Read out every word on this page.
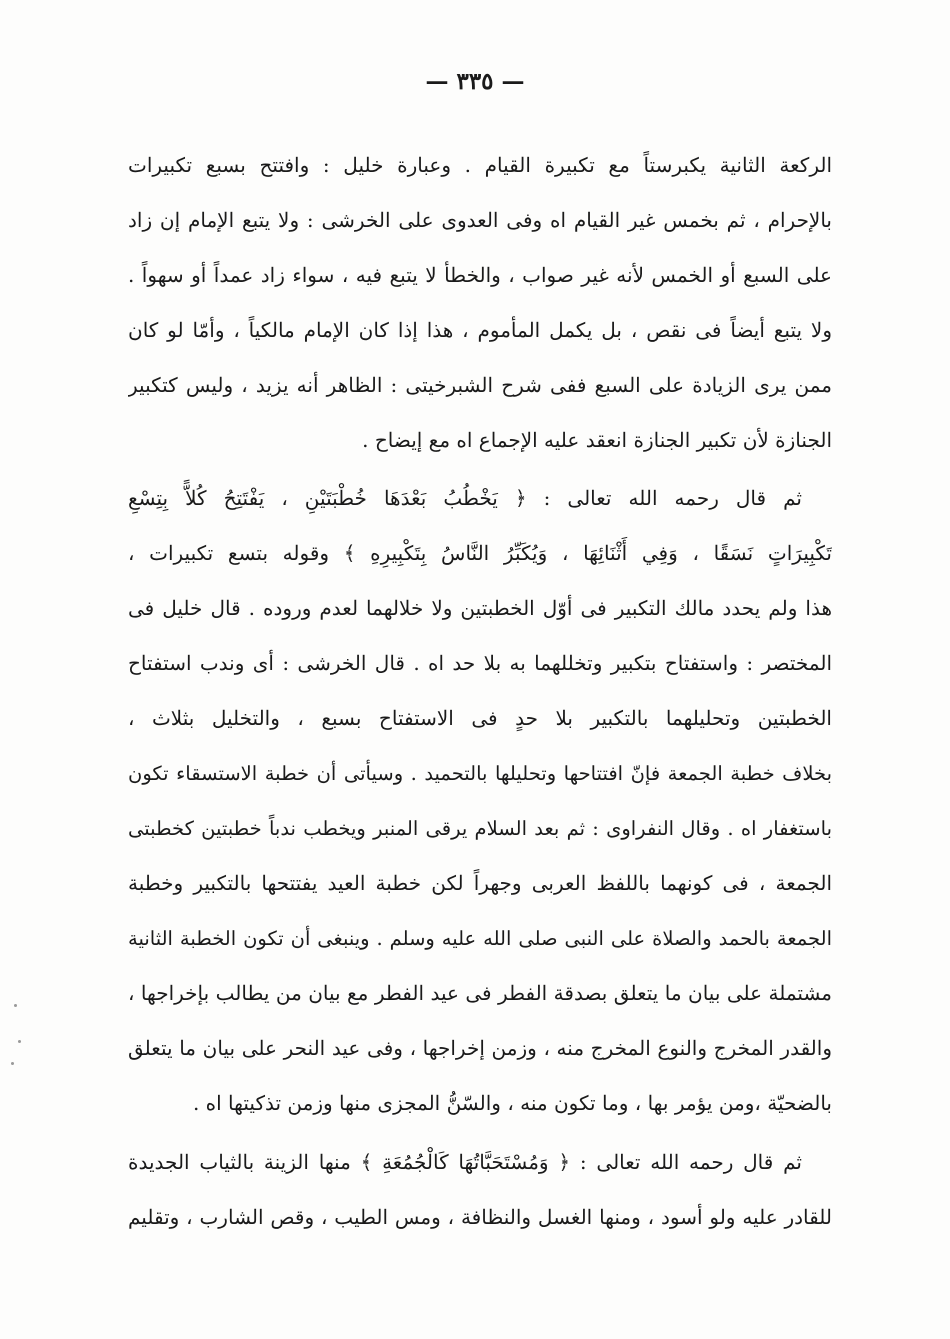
— ٣٣٥ —
الركعة الثانية يكبرستاً مع تكبيرة القيام . وعبارة خليل : وافتتح بسبع تكبيرات
بالإحرام ، ثم بخمس غير القيام اه وفى العدوى على الخرشى : ولا يتبع الإمام إن زاد
على السبع أو الخمس لأنه غير صواب ، والخطأ لا يتبع فيه ، سواء زاد عمداً أو سهواً .
ولا يتبع أيضاً فى نقص ، بل يكمل المأموم ، هذا إذا كان الإمام مالكياً ، وأمّا لو كان
ممن يرى الزيادة على السبع ففى شرح الشبرخيتى : الظاهر أنه يزيد ، وليس كتكبير
الجنازة لأن تكبير الجنازة انعقد عليه الإجماع اه مع إيضاح .
ثم قال رحمه الله تعالى : ﴿ يَخْطُبُ بَعْدَهَا خُطْبَتَيْنِ ، يَفْتَتِحُ كُلاًّ بِتِسْعِ
تَكْبِيرَاتٍ نَسَقًا ، وَفِي أَثْنَائِهَا ، وَيُكَبِّرُ النَّاسُ بِتَكْبِيرِهِ ﴾ وقوله بتسع تكبيرات ،
هذا ولم يحدد مالك التكبير فى أوّل الخطبتين ولا خلالهما لعدم وروده . قال خليل فى
المختصر : واستفتاح بتكبير وتخللهما به بلا حد اه . قال الخرشى : أى وندب استفتاح
الخطبتين وتحليلهما بالتكبير بلا حدٍ فى الاستفتاح بسبع ، والتخليل بثلاث ،
بخلاف خطبة الجمعة فإنّ افتتاحها وتحليلها بالتحميد . وسيأتى أن خطبة الاستسقاء تكون
باستغفار اه . وقال النفراوى : ثم بعد السلام يرقى المنبر ويخطب ندباً خطبتين كخطبتى
الجمعة ، فى كونهما باللفظ العربى وجهراً لكن خطبة العيد يفتتحها بالتكبير وخطبة
الجمعة بالحمد والصلاة على النبى صلى الله عليه وسلم . وينبغى أن تكون الخطبة الثانية
مشتملة على بيان ما يتعلق بصدقة الفطر فى عيد الفطر مع بيان من يطالب بإخراجها ،
والقدر المخرج والنوع المخرج منه ، وزمن إخراجها ، وفى عيد النحر على بيان ما يتعلق
بالضحيّة ،ومن يؤمر بها ، وما تكون منه ، والسّنُّ المجزى منها وزمن تذكيتها اه .
ثم قال رحمه الله تعالى : ﴿ وَمُسْتَحَبَّاتُهَا كَالْجُمُعَةِ ﴾ منها الزينة بالثياب الجديدة
للقادر عليه ولو أسود ، ومنها الغسل والنظافة ، ومس الطيب ، وقص الشارب ، وتقليم
